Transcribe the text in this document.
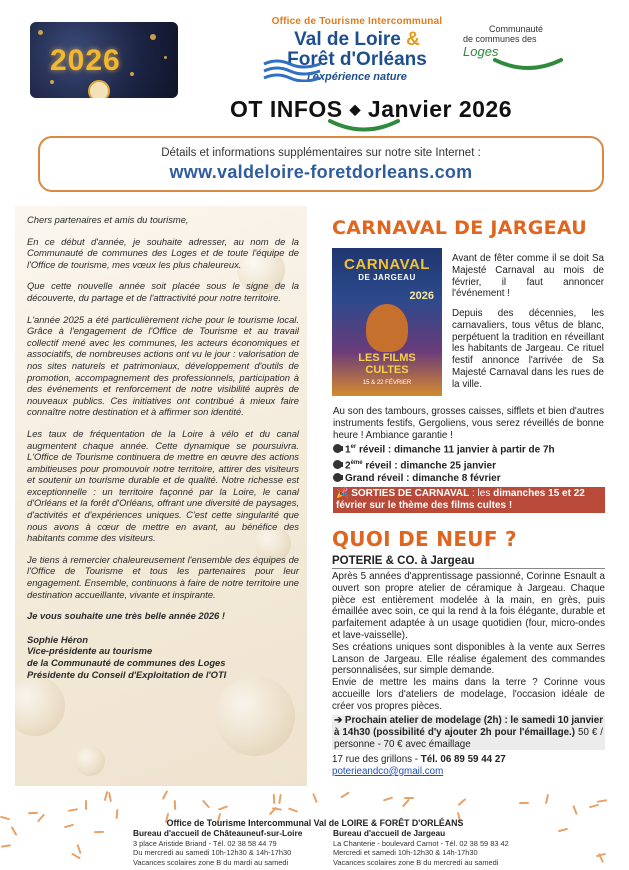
2026
Office de Tourisme Intercommunal
Val de Loire &
Forêt d'Orléans
l'expérience nature
Communauté
de communes des Loges
OT INFOS ◆ Janvier 2026
Détails et informations supplémentaires sur notre site Internet :
www.valdeloire-foretdorleans.com

Chers partenaires et amis du tourisme,

En ce début d'année, je souhaite adresser, au nom de la Communauté de communes des Loges et de toute l'équipe de l'Office de tourisme, mes vœux les plus chaleureux.

Que cette nouvelle année soit placée sous le signe de la découverte, du partage et de l'attractivité pour notre territoire.

L'année 2025 a été particulièrement riche pour le tourisme local. Grâce à l'engagement de l'Office de Tourisme et au travail collectif mené avec les communes, les acteurs économiques et associatifs, de nombreuses actions ont vu le jour : valorisation de nos sites naturels et patrimoniaux, développement d'outils de promotion, accompagnement des professionnels, participation à des événements et renforcement de notre visibilité auprès de nouveaux publics. Ces initiatives ont contribué à mieux faire connaître notre destination et à affirmer son identité.

Les taux de fréquentation de la Loire à vélo et du canal augmentent chaque année. Cette dynamique se poursuivra. L'Office de Tourisme continuera de mettre en œuvre des actions ambitieuses pour promouvoir notre territoire, attirer des visiteurs et soutenir un tourisme durable et de qualité. Notre richesse est exceptionnelle : un territoire façonné par la Loire, le canal d'Orléans et la forêt d'Orléans, offrant une diversité de paysages, d'activités et d'expériences uniques. C'est cette singularité que nous avons à cœur de mettre en avant, au bénéfice des habitants comme des visiteurs.

Je tiens à remercier chaleureusement l'ensemble des équipes de l'Office de Tourisme et tous les partenaires pour leur engagement. Ensemble, continuons à faire de notre territoire une destination accueillante, vivante et inspirante.

Je vous souhaite une très belle année 2026 !

Sophie Héron
Vice-présidente au tourisme
de la Communauté de communes des Loges
Présidente du Conseil d'Exploitation de l'OTI
CARNAVAL DE JARGEAU
CARNAVAL
DE JARGEAU
2026
LES FILMS CULTES
15 & 22 FÉVRIER
Avant de fêter comme il se doit Sa Majesté Carnaval au mois de février, il faut annoncer l'événement !
Depuis des décennies, les carnavaliers, tous vêtus de blanc, perpétuent la tradition en réveillant les habitants de Jargeau. Ce rituel festif annonce l'arrivée de Sa Majesté Carnaval dans les rues de la ville.
Au son des tambours, grosses caisses, sifflets et bien d'autres instruments festifs, Gergoliens, vous serez réveillés de bonne heure ! Ambiance garantie !
1er réveil : dimanche 11 janvier à partir de 7h
2ème réveil : dimanche 25 janvier
Grand réveil : dimanche 8 février
🎉 SORTIES DE CARNAVAL : les dimanches 15 et 22 février sur le thème des films cultes !
QUOI DE NEUF ?
POTERIE & CO. à Jargeau

Après 5 années d'apprentissage passionné, Corinne Esnault a ouvert son propre atelier de céramique à Jargeau. Chaque pièce est entièrement modelée à la main, en grès, puis émaillée avec soin, ce qui la rend à la fois élégante, durable et parfaitement adaptée à un usage quotidien (four, micro-ondes et lave-vaisselle).

Ses créations uniques sont disponibles à la vente aux Serres Lanson de Jargeau. Elle réalise également des commandes personnalisées, sur simple demande.

Envie de mettre les mains dans la terre ? Corinne vous accueille lors d'ateliers de modelage, l'occasion idéale de créer vos propres pièces.

➔ Prochain atelier de modelage (2h) : le samedi 10 janvier à 14h30 (possibilité d'y ajouter 2h pour l'émaillage.) 50 € / personne - 70 € avec émaillage
17 rue des grillons - Tél. 06 89 59 44 27
poterieandco@gmail.com
Office de Tourisme Intercommunal Val de LOIRE & FORÊT D'ORLÉANS
Bureau d'accueil de Châteauneuf-sur-Loire
3 place Aristide Briand - Tél. 02 38 58 44 79
Du mercredi au samedi 10h-12h30 & 14h-17h30
Vacances scolaires zone B du mardi au samedi
Bureau d'accueil de Jargeau
La Chanterie - boulevard Carnot - Tél. 02 38 59 83 42
Mercredi et samedi 10h-12h30 & 14h-17h30
Vacances scolaires zone B du mercredi au samedi
